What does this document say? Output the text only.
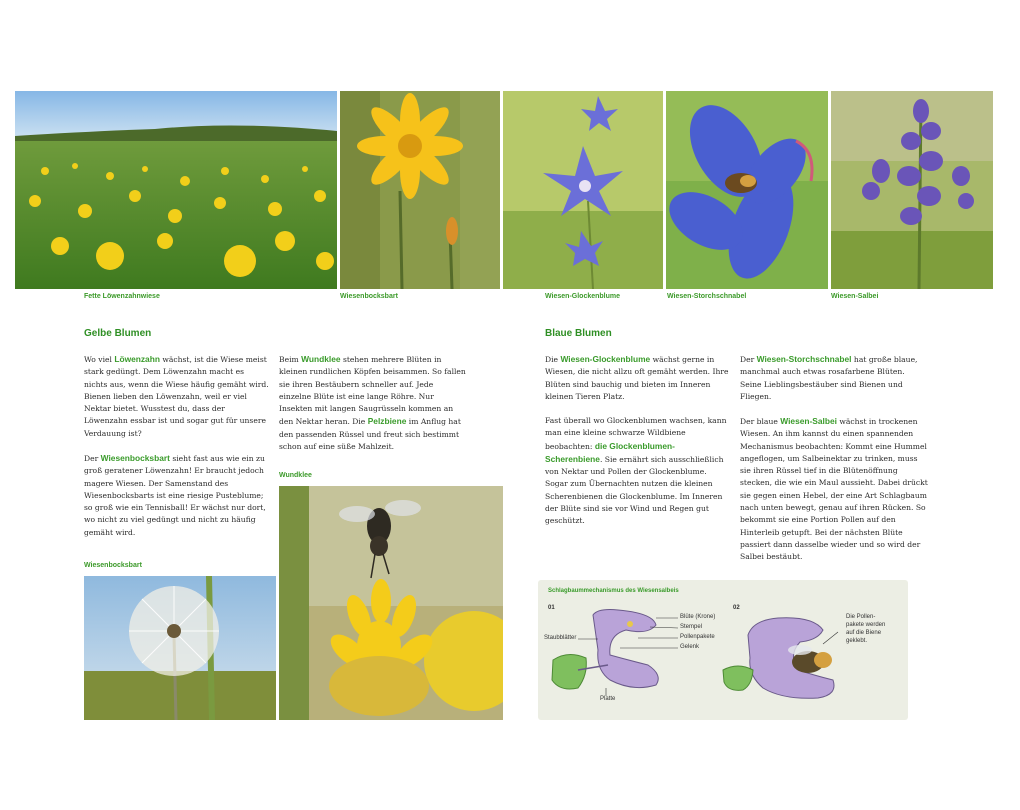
Fette Löwenzahnwiese	Wiesenbocksbart	Wiesen-Glockenblume	Wiesen-Storchschnabel	Wiesen-Salbei
Gelbe Blumen

Wo viel Löwenzahn wächst, ist die Wiese meist stark gedüngt. Dem Löwenzahn macht es nichts aus, wenn die Wiese häufig gemäht wird. Bienen lieben den Löwenzahn, weil er viel Nektar bietet. Wusstest du, dass der Löwenzahn essbar ist und sogar gut für unsere Verdauung ist?

Der Wiesenbocksbart sieht fast aus wie ein zu groß geratener Löwenzahn! Er braucht jedoch magere Wiesen. Der Samenstand des Wiesenbocksbarts ist eine riesige Pusteblume; so groß wie ein Tennisball! Er wächst nur dort, wo nicht zu viel gedüngt und nicht zu häufig gemäht wird.

Beim Wundklee stehen mehrere Blüten in kleinen rundlichen Köpfen beisammen. So fallen sie ihren Bestäubern schneller auf. Jede einzelne Blüte ist eine lange Röhre. Nur Insekten mit langen Saugrüsseln kommen an den Nektar heran. Die Pelzbiene im Anflug hat den passenden Rüssel und freut sich bestimmt schon auf eine süße Mahlzeit.

Wundklee
Wiesenbocksbart
Blaue Blumen

Die Wiesen-Glockenblume wächst gerne in Wiesen, die nicht allzu oft gemäht werden. Ihre Blüten sind bauchig und bieten im Inneren kleinen Tieren Platz.

Fast überall wo Glockenblumen wachsen, kann man eine kleine schwarze Wildbiene beobachten: die Glockenblumen-Scherenbiene. Sie ernährt sich ausschließlich von Nektar und Pollen der Glockenblume. Sogar zum Übernachten nutzen die kleinen Scherenbienen die Glockenblume. Im Inneren der Blüte sind sie vor Wind und Regen gut geschützt.

Der Wiesen-Storchschnabel hat große blaue, manchmal auch etwas rosafarbene Blüten. Seine Lieblingsbestäuber sind Bienen und Fliegen.

Der blaue Wiesen-Salbei wächst in trockenen Wiesen. An ihm kannst du einen spannenden Mechanismus beobachten: Kommt eine Hummel angeflogen, um Salbeinektar zu trinken, muss sie ihren Rüssel tief in die Blütenöffnung stecken, die wie ein Maul aussieht. Dabei drückt sie gegen einen Hebel, der eine Art Schlagbaum nach unten bewegt, genau auf ihren Rücken. So bekommt sie eine Portion Pollen auf den Hinterleib getupft. Bei der nächsten Blüte passiert dann dasselbe wieder und so wird der Salbei bestäubt.

Schlagbaummechanismus des Wiesensalbeis
01	02
Blüte (Krone)
Stempel
Pollenpakete
Gelenk
Staubblätter
Platte
Die Pollen-
pakete werden
auf die Biene
geklebt.
